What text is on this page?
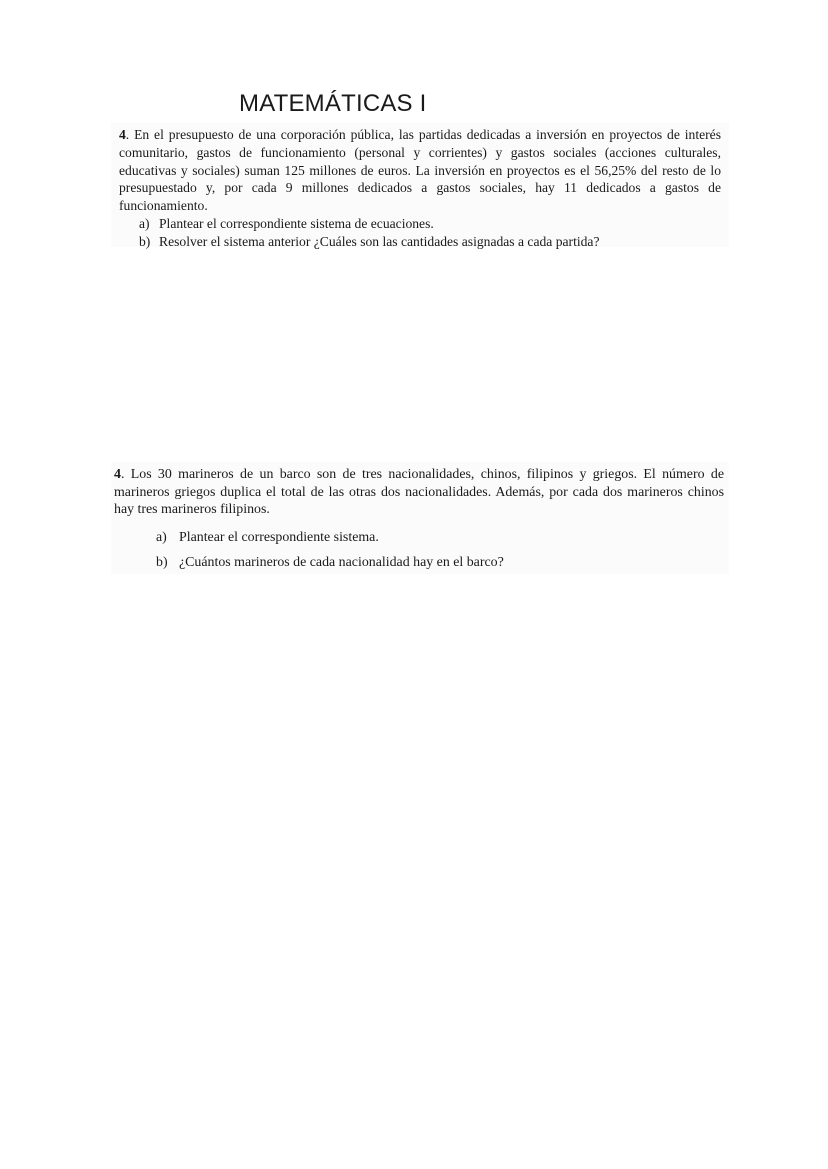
MATEMÁTICAS I

4. En el presupuesto de una corporación pública, las partidas dedicadas a inversión en proyectos de interés comunitario, gastos de funcionamiento (personal y corrientes) y gastos sociales (acciones culturales, educativas y sociales) suman 125 millones de euros. La inversión en proyectos es el 56,25% del resto de lo presupuestado y, por cada 9 millones dedicados a gastos sociales, hay 11 dedicados a gastos de funcionamiento.

a) Plantear el correspondiente sistema de ecuaciones.
b) Resolver el sistema anterior ¿Cuáles son las cantidades asignadas a cada partida?

4. Los 30 marineros de un barco son de tres nacionalidades, chinos, filipinos y griegos. El número de marineros griegos duplica el total de las otras dos nacionalidades. Además, por cada dos marineros chinos hay tres marineros filipinos.

a) Plantear el correspondiente sistema.
b) ¿Cuántos marineros de cada nacionalidad hay en el barco?
